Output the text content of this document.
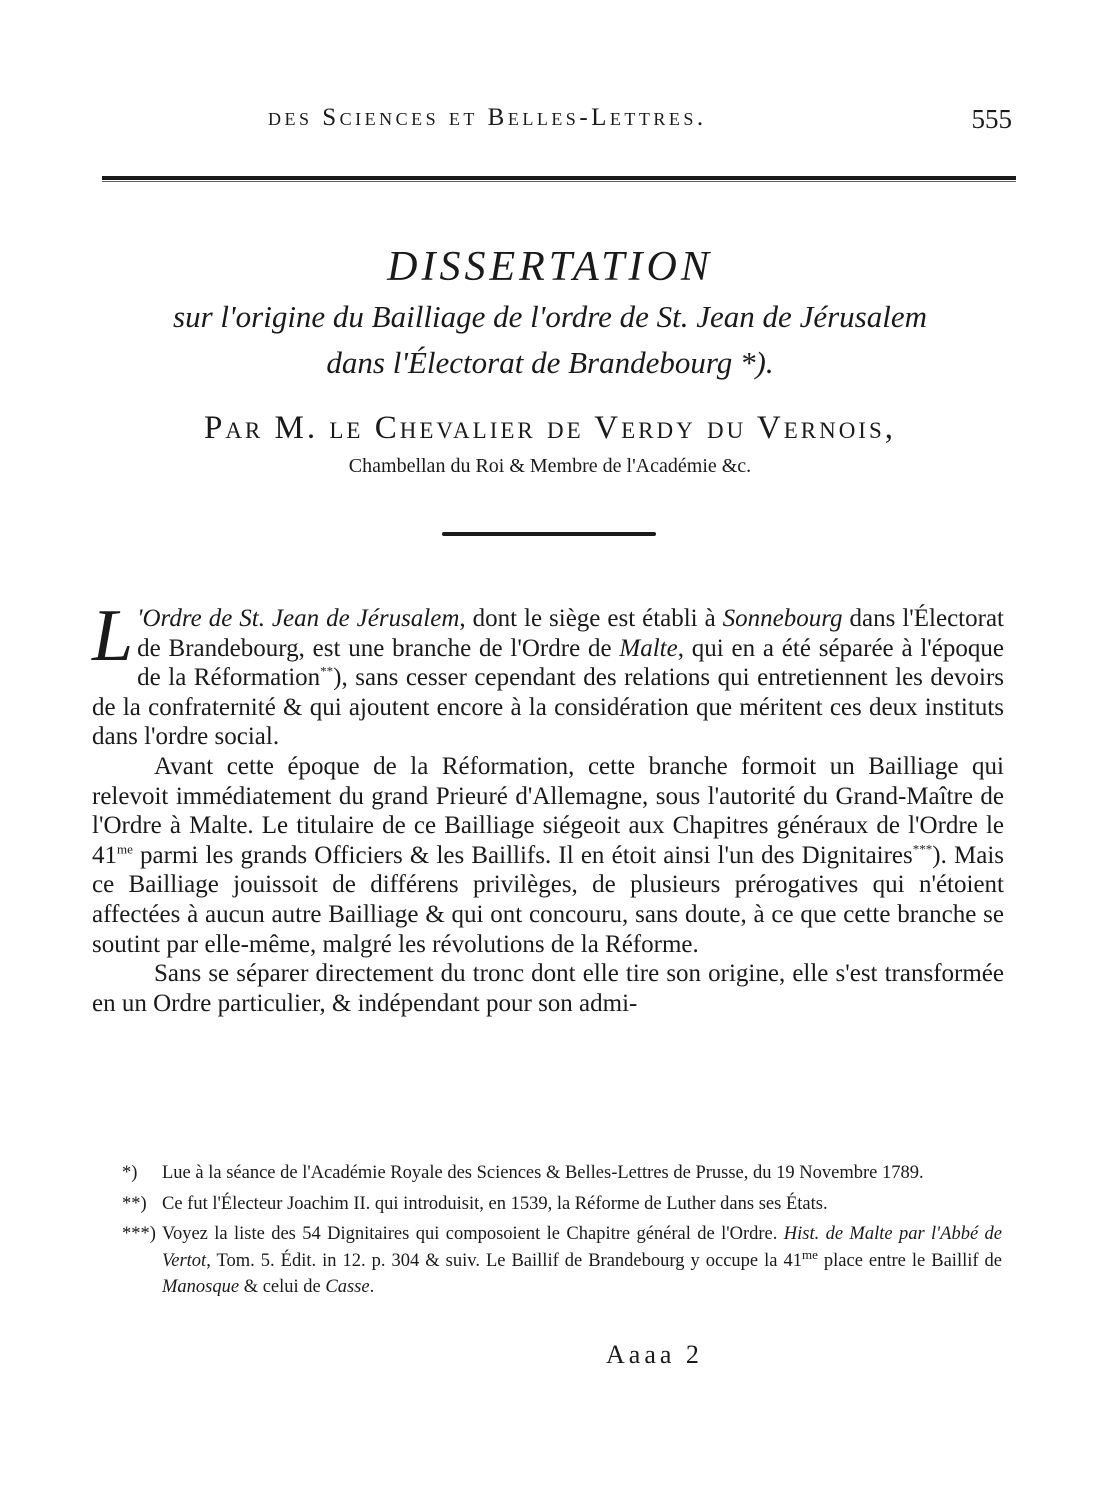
des Sciences et Belles-Lettres.	555
DISSERTATION
sur l'origine du Bailliage de l'ordre de St. Jean de Jérusalem
dans l'Électorat de Brandebourg *).
Par M. le Chevalier de Verdy du Vernois,
Chambellan du Roi & Membre de l'Académie &c.

L 'Ordre de St. Jean de Jérusalem, dont le siège est établi à Sonnebourg dans l'Électorat de Brandebourg, est une branche de l'Ordre de Malte, qui en a été séparée à l'époque de la Réformation**), sans cesser cependant des relations qui entretiennent les devoirs de la confraternité & qui ajoutent encore à la considération que méritent ces deux instituts dans l'ordre social.

Avant cette époque de la Réformation, cette branche formoit un Bailliage qui relevoit immédiatement du grand Prieuré d'Allemagne, sous l'autorité du Grand-Maître de l'Ordre à Malte. Le titulaire de ce Bailliage siégeoit aux Chapitres généraux de l'Ordre le $41^{me}$ parmi les grands Officiers & les Baillifs. Il en étoit ainsi l'un des Dignitaires***). Mais ce Bailliage jouissoit de différens privilèges, de plusieurs prérogatives qui n'étoient affectées à aucun autre Bailliage & qui ont concouru, sans doute, à ce que cette branche se soutint par elle-même, malgré les révolutions de la Réforme.

Sans se séparer directement du tronc dont elle tire son origine, elle s'est transformée en un Ordre particulier, & indépendant pour son admi-

*) Lue à la séance de l'Académie Royale des Sciences & Belles-Lettres de Prusse, du 19 Novembre 1789.
**) Ce fut l'Électeur Joachim II. qui introduisit, en 1539, la Réforme de Luther dans ses États.
***) Voyez la liste des 54 Dignitaires qui composoient le Chapitre général de l'Ordre. Hist. de Malte par l'Abbé de Vertot, Tom. 5. Édit. in 12. p. 304 & suiv. Le Baillif de Brandebourg y occupe la $41^{me}$ place entre le Baillif de Manosque & celui de Casse.
Aaaa 2
